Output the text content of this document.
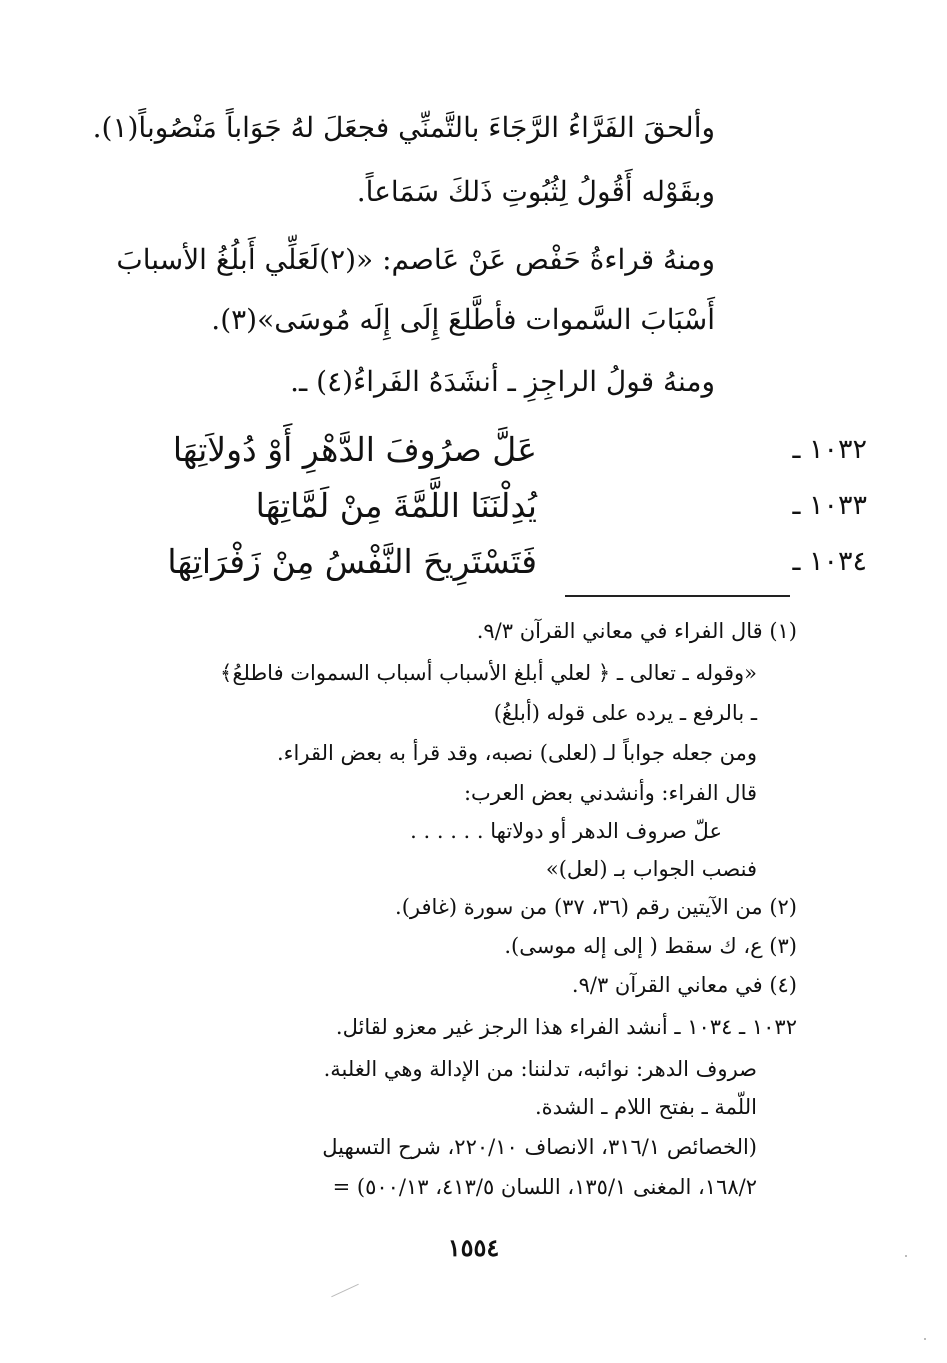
وألحقَ الفَرَّاءُ الرَّجَاءَ بالتَّمنِّي فجعَلَ لهُ جَوَاباً مَنْصُوباً(١).
وبقَوْله أَقُولُ لِثُبُوتِ ذَلكَ سَمَاعاً.
ومنهُ قراءةُ حَفْص عَنْ عَاصم: «(٢)لَعَلِّي أَبلُغُ الأسبابَ
أَسْبَابَ السَّموات فأطَّلعَ إِلَى إِلَه مُوسَى»(٣).
ومنهُ قولُ الراجِزِ ـ أنشَدَهُ الفَراءُ(٤) ـ.
١٠٣٢ ـ
عَلَّ صرُوفَ الدَّهْرِ أَوْ دُولاَتِهَا
١٠٣٣ ـ
يُدِلْنَنَا اللَّمَّةَ مِنْ لَمَّاتِهَا
١٠٣٤ ـ
فَتَسْتَرِيحَ النَّفْسُ مِنْ زَفْرَاتِهَا
(١) قال الفراء في معاني القرآن ٩/٣.
«وقوله ـ تعالى ـ ﴿ لعلي أبلغ الأسباب أسباب السموات فاطلعُ﴾
ـ بالرفع ـ يرده على قوله (أبلغُ)
ومن جعله جواباً لـ (لعلى) نصبه، وقد قرأ به بعض القراء.
قال الفراء: وأنشدني بعض العرب:
علّ صروف الدهر أو دولاتها . . . . . .
فنصب الجواب بـ (لعل)»
(٢) من الآيتين رقم (٣٦، ٣٧) من سورة (غافر).
(٣) ع، ك سقط ( إلى إله موسى).
(٤) في معاني القرآن ٩/٣.
١٠٣٢ ـ ١٠٣٤ ـ أنشد الفراء هذا الرجز غير معزو لقائل.
صروف الدهر: نوائبه، تدلننا: من الإدالة وهي الغلبة.
اللّمة ـ بفتح اللام ـ الشدة.
(الخصائص ٣١٦/١، الانصاف ٢٢٠/١٠، شرح التسهيل
١٦٨/٢، المغنى ١٣٥/١، اللسان ٤١٣/٥، ٥٠٠/١٣) =
١٥٥٤
